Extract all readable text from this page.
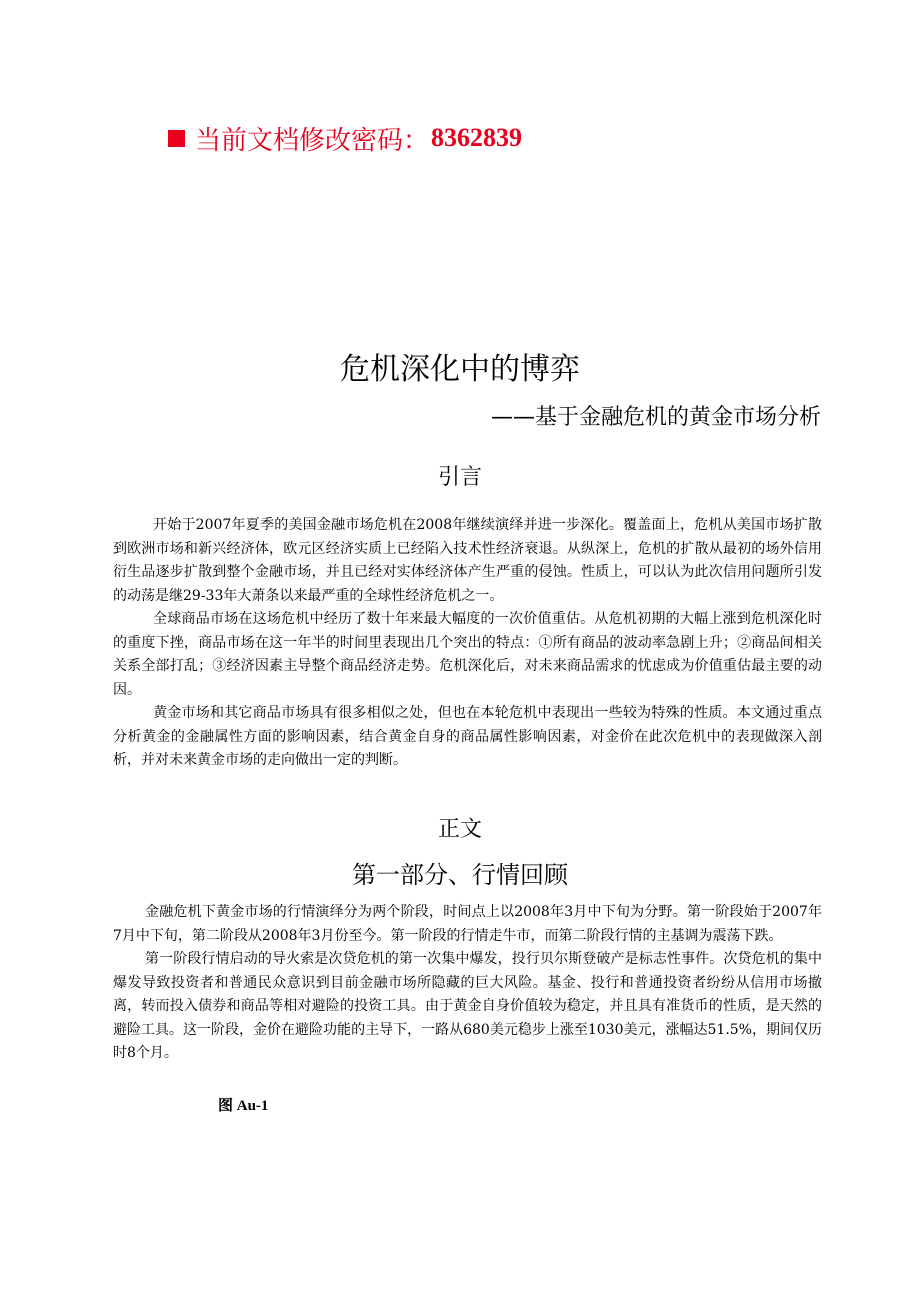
当前文档修改密码： 8362839
危机深化中的博弈
——基于金融危机的黄金市场分析
引言

开始于2007年夏季的美国金融市场危机在2008年继续演绎并进一步深化。覆盖面上，危机从美国市场扩散到欧洲市场和新兴经济体，欧元区经济实质上已经陷入技术性经济衰退。从纵深上，危机的扩散从最初的场外信用衍生品逐步扩散到整个金融市场，并且已经对实体经济体产生严重的侵蚀。性质上，可以认为此次信用问题所引发的动荡是继29-33年大萧条以来最严重的全球性经济危机之一。

全球商品市场在这场危机中经历了数十年来最大幅度的一次价值重估。从危机初期的大幅上涨到危机深化时的重度下挫，商品市场在这一年半的时间里表现出几个突出的特点：①所有商品的波动率急剧上升；②商品间相关关系全部打乱；③经济因素主导整个商品经济走势。危机深化后，对未来商品需求的忧虑成为价值重估最主要的动因。

黄金市场和其它商品市场具有很多相似之处，但也在本轮危机中表现出一些较为特殊的性质。本文通过重点分析黄金的金融属性方面的影响因素，结合黄金自身的商品属性影响因素，对金价在此次危机中的表现做深入剖析，并对未来黄金市场的走向做出一定的判断。

正文
第一部分、行情回顾

金融危机下黄金市场的行情演绎分为两个阶段，时间点上以2008年3月中下旬为分野。第一阶段始于2007年7月中下旬，第二阶段从2008年3月份至今。第一阶段的行情走牛市，而第二阶段行情的主基调为震荡下跌。

第一阶段行情启动的导火索是次贷危机的第一次集中爆发，投行贝尔斯登破产是标志性事件。次贷危机的集中爆发导致投资者和普通民众意识到目前金融市场所隐藏的巨大风险。基金、投行和普通投资者纷纷从信用市场撤离，转而投入债券和商品等相对避险的投资工具。由于黄金自身价值较为稳定，并且具有准货币的性质，是天然的避险工具。这一阶段，金价在避险功能的主导下，一路从680美元稳步上涨至1030美元，涨幅达51.5%，期间仅历时8个月。

图 Au-1
